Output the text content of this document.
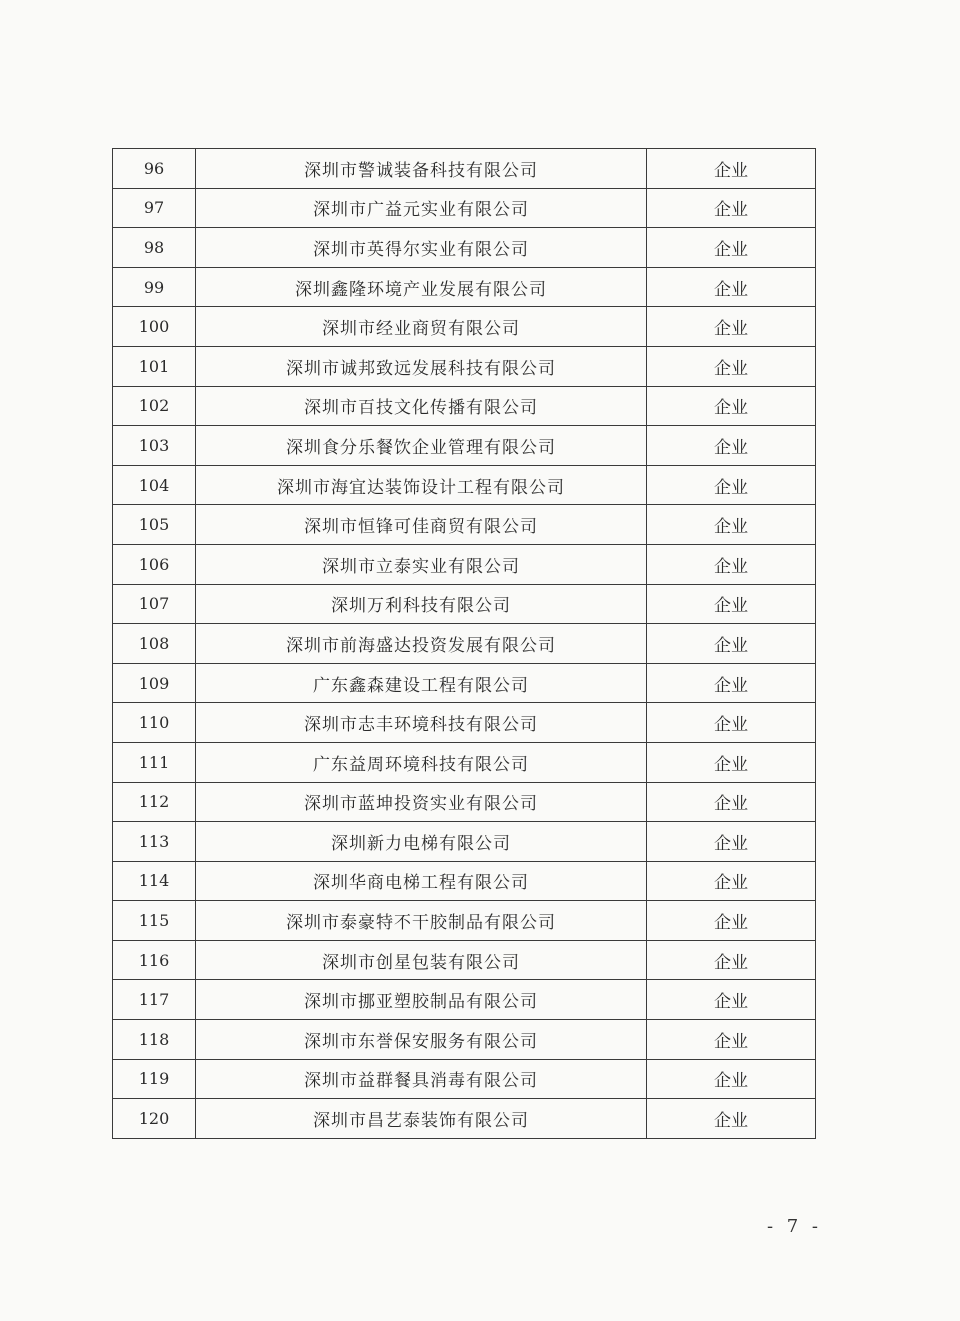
96	深圳市警诚装备科技有限公司	企业
97	深圳市广益元实业有限公司	企业
98	深圳市英得尔实业有限公司	企业
99	深圳鑫隆环境产业发展有限公司	企业
100	深圳市经业商贸有限公司	企业
101	深圳市诚邦致远发展科技有限公司	企业
102	深圳市百技文化传播有限公司	企业
103	深圳食分乐餐饮企业管理有限公司	企业
104	深圳市海宜达装饰设计工程有限公司	企业
105	深圳市恒锋可佳商贸有限公司	企业
106	深圳市立泰实业有限公司	企业
107	深圳万利科技有限公司	企业
108	深圳市前海盛达投资发展有限公司	企业
109	广东鑫森建设工程有限公司	企业
110	深圳市志丰环境科技有限公司	企业
111	广东益周环境科技有限公司	企业
112	深圳市蓝坤投资实业有限公司	企业
113	深圳新力电梯有限公司	企业
114	深圳华商电梯工程有限公司	企业
115	深圳市泰豪特不干胶制品有限公司	企业
116	深圳市创星包装有限公司	企业
117	深圳市挪亚塑胶制品有限公司	企业
118	深圳市东誉保安服务有限公司	企业
119	深圳市益群餐具消毒有限公司	企业
120	深圳市昌艺泰装饰有限公司	企业
- 7 -
